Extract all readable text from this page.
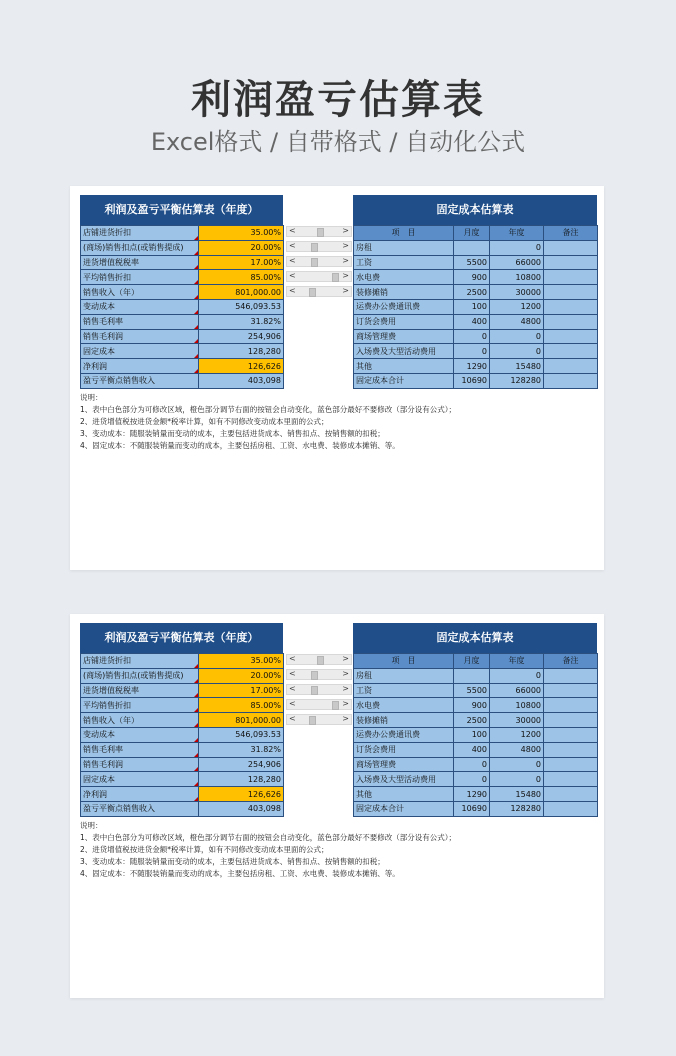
利润盈亏估算表
Excel格式 / 自带格式 / 自动化公式
利润及盈亏平衡估算表（年度）
店铺进货折扣	35.00%
(商场)销售扣点(或销售提成)	20.00%
进货增值税税率	17.00%
平均销售折扣	85.00%
销售收入（年）	801,000.00
变动成本	546,093.53
销售毛利率	31.82%
销售毛利润	254,906
固定成本	128,280
净利润	126,626
盈亏平衡点销售收入	403,098
<	>
<	>
<	>
<	>
<	>
固定成本估算表
项　目	月度	年度	备注
房租		0	
工资	5500	66000	
水电费	900	10800	
装修摊销	2500	30000	
运费办公费通讯费	100	1200	
订货会费用	400	4800	
商场管理费	0	0	
入场费及大型活动费用	0	0	
其他	1290	15480	
固定成本合计	10690	128280	
说明：
1、表中白色部分为可修改区域，橙色部分调节右面的按钮会自动变化，蓝色部分最好不要修改（部分设有公式）；
2、进货增值税按进货金额*税率计算，如有不同修改变动成本里面的公式；
3、变动成本：随服装销量而变动的成本，主要包括进货成本、销售扣点、按销售额的扣税；
4、固定成本：不随服装销量而变动的成本，主要包括房租、工资、水电费、装修成本摊销、等。
利润及盈亏平衡估算表（年度）
店铺进货折扣	35.00%
(商场)销售扣点(或销售提成)	20.00%
进货增值税税率	17.00%
平均销售折扣	85.00%
销售收入（年）	801,000.00
变动成本	546,093.53
销售毛利率	31.82%
销售毛利润	254,906
固定成本	128,280
净利润	126,626
盈亏平衡点销售收入	403,098
<	>
<	>
<	>
<	>
<	>
固定成本估算表
项　目	月度	年度	备注
房租		0	
工资	5500	66000	
水电费	900	10800	
装修摊销	2500	30000	
运费办公费通讯费	100	1200	
订货会费用	400	4800	
商场管理费	0	0	
入场费及大型活动费用	0	0	
其他	1290	15480	
固定成本合计	10690	128280	
说明：
1、表中白色部分为可修改区域，橙色部分调节右面的按钮会自动变化，蓝色部分最好不要修改（部分设有公式）；
2、进货增值税按进货金额*税率计算，如有不同修改变动成本里面的公式；
3、变动成本：随服装销量而变动的成本，主要包括进货成本、销售扣点、按销售额的扣税；
4、固定成本：不随服装销量而变动的成本，主要包括房租、工资、水电费、装修成本摊销、等。
